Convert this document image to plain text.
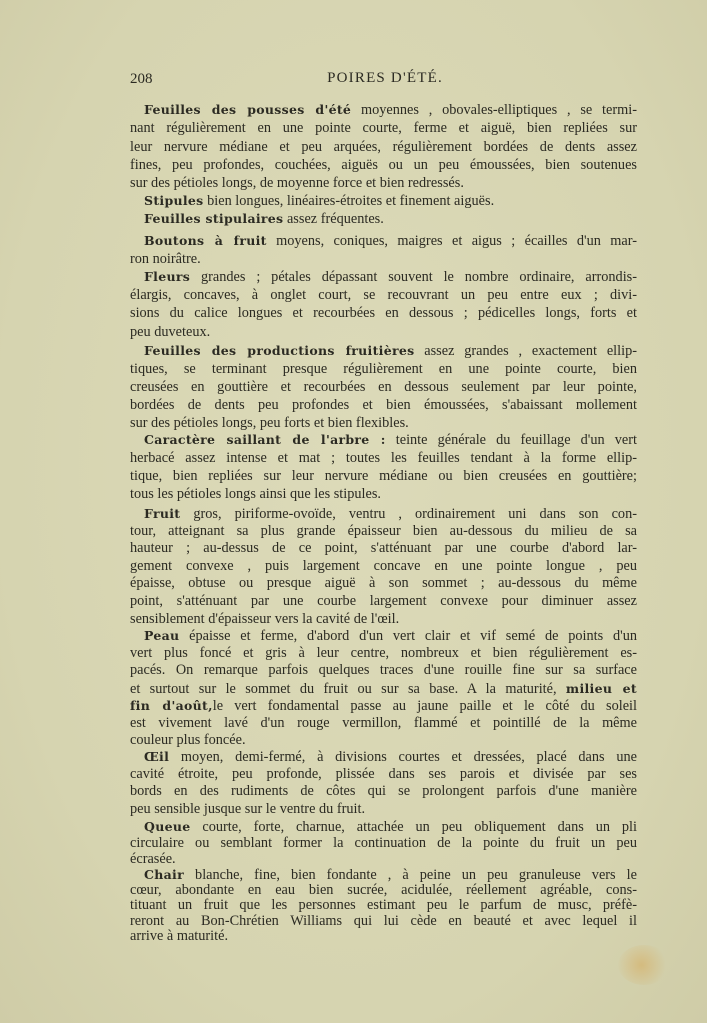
208	POIRES D'ÉTÉ.
Feuilles des pousses d'été moyennes , obovales-elliptiques , se termi-
nant régulièrement en une pointe courte, ferme et aiguë, bien repliées sur
leur nervure médiane et peu arquées, régulièrement bordées de dents assez
fines, peu profondes, couchées, aiguës ou un peu émoussées, bien soutenues
sur des pétioles longs, de moyenne force et bien redressés.
Stipules bien longues, linéaires-étroites et finement aiguës.
Feuilles stipulaires assez fréquentes.
Boutons à fruit moyens, coniques, maigres et aigus ; écailles d'un mar-
ron noirâtre.
Fleurs grandes ; pétales dépassant souvent le nombre ordinaire, arrondis-
élargis, concaves, à onglet court, se recouvrant un peu entre eux ; divi-
sions du calice longues et recourbées en dessous ; pédicelles longs, forts et
peu duveteux.
Feuilles des productions fruitières assez grandes , exactement ellip-
tiques, se terminant presque régulièrement en une pointe courte, bien
creusées en gouttière et recourbées en dessous seulement par leur pointe,
bordées de dents peu profondes et bien émoussées, s'abaissant mollement
sur des pétioles longs, peu forts et bien flexibles.
Caractère saillant de l'arbre : teinte générale du feuillage d'un vert
herbacé assez intense et mat ; toutes les feuilles tendant à la forme ellip-
tique, bien repliées sur leur nervure médiane ou bien creusées en gouttière;
tous les pétioles longs ainsi que les stipules.
Fruit gros, piriforme-ovoïde, ventru , ordinairement uni dans son con-
tour, atteignant sa plus grande épaisseur bien au-dessous du milieu de sa
hauteur ; au-dessus de ce point, s'atténuant par une courbe d'abord lar-
gement convexe , puis largement concave en une pointe longue , peu
épaisse, obtuse ou presque aiguë à son sommet ; au-dessous du même
point, s'atténuant par une courbe largement convexe pour diminuer assez
sensiblement d'épaisseur vers la cavité de l'œil.
Peau épaisse et ferme, d'abord d'un vert clair et vif semé de points d'un
vert plus foncé et gris à leur centre, nombreux et bien régulièrement es-
pacés. On remarque parfois quelques traces d'une rouille fine sur sa surface
et surtout sur le sommet du fruit ou sur sa base. A la maturité, milieu et
fin d'août,le vert fondamental passe au jaune paille et le côté du soleil
est vivement lavé d'un rouge vermillon, flammé et pointillé de la même
couleur plus foncée.
Œil moyen, demi-fermé, à divisions courtes et dressées, placé dans une
cavité étroite, peu profonde, plissée dans ses parois et divisée par ses
bords en des rudiments de côtes qui se prolongent parfois d'une manière
peu sensible jusque sur le ventre du fruit.
Queue courte, forte, charnue, attachée un peu obliquement dans un pli
circulaire ou semblant former la continuation de la pointe du fruit un peu
écrasée.
Chair blanche, fine, bien fondante , à peine un peu granuleuse vers le
cœur, abondante en eau bien sucrée, acidulée, réellement agréable, cons-
tituant un fruit que les personnes estimant peu le parfum de musc, préfè-
reront au Bon-Chrétien Williams qui lui cède en beauté et avec lequel il
arrive à maturité.
